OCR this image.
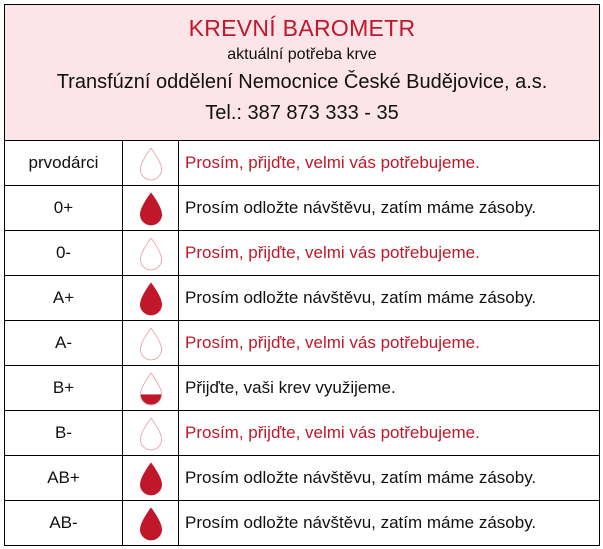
KREVNÍ BAROMETR
aktuální potřeba krve
Transfúzní oddělení Nemocnice České Budějovice, a.s.
Tel.: 387 873 333 - 35
prvodárci	Prosím, přijďte, velmi vás potřebujeme.
0+	Prosím odložte návštěvu, zatím máme zásoby.
0-	Prosím, přijďte, velmi vás potřebujeme.
A+	Prosím odložte návštěvu, zatím máme zásoby.
A-	Prosím, přijďte, velmi vás potřebujeme.
B+	Přijďte, vaši krev využijeme.
B-	Prosím, přijďte, velmi vás potřebujeme.
AB+	Prosím odložte návštěvu, zatím máme zásoby.
AB-	Prosím odložte návštěvu, zatím máme zásoby.
